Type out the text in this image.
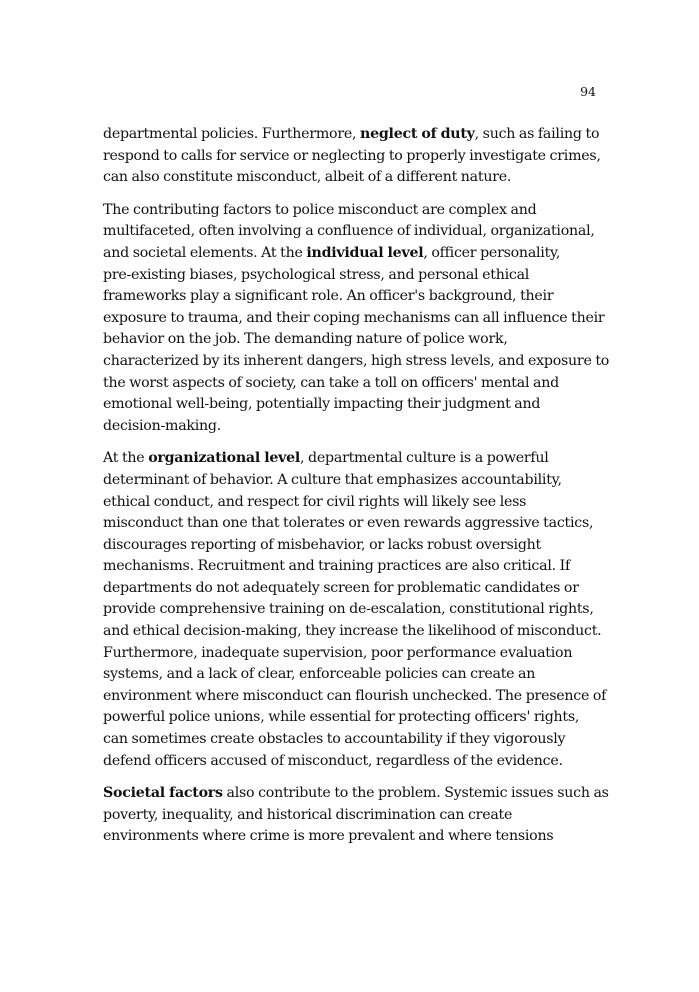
94

departmental policies. Furthermore, neglect of duty, such as failing to
respond to calls for service or neglecting to properly investigate crimes,
can also constitute misconduct, albeit of a different nature.

The contributing factors to police misconduct are complex and
multifaceted, often involving a confluence of individual, organizational,
and societal elements. At the individual level, officer personality,
pre-existing biases, psychological stress, and personal ethical
frameworks play a significant role. An officer's background, their
exposure to trauma, and their coping mechanisms can all influence their
behavior on the job. The demanding nature of police work,
characterized by its inherent dangers, high stress levels, and exposure to
the worst aspects of society, can take a toll on officers' mental and
emotional well-being, potentially impacting their judgment and
decision-making.

At the organizational level, departmental culture is a powerful
determinant of behavior. A culture that emphasizes accountability,
ethical conduct, and respect for civil rights will likely see less
misconduct than one that tolerates or even rewards aggressive tactics,
discourages reporting of misbehavior, or lacks robust oversight
mechanisms. Recruitment and training practices are also critical. If
departments do not adequately screen for problematic candidates or
provide comprehensive training on de-escalation, constitutional rights,
and ethical decision-making, they increase the likelihood of misconduct.
Furthermore, inadequate supervision, poor performance evaluation
systems, and a lack of clear, enforceable policies can create an
environment where misconduct can flourish unchecked. The presence of
powerful police unions, while essential for protecting officers' rights,
can sometimes create obstacles to accountability if they vigorously
defend officers accused of misconduct, regardless of the evidence.

Societal factors also contribute to the problem. Systemic issues such as
poverty, inequality, and historical discrimination can create
environments where crime is more prevalent and where tensions
